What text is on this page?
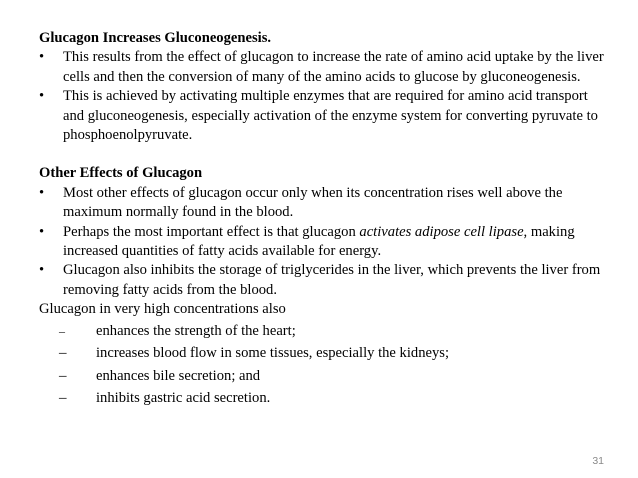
Glucagon Increases Gluconeogenesis.

• This results from the effect of glucagon to increase the rate of amino acid uptake by the liver cells and then the conversion of many of the amino acids to glucose by gluconeogenesis.
• This is achieved by activating multiple enzymes that are required for amino acid transport and gluconeogenesis, especially activation of the enzyme system for converting pyruvate to phosphoenolpyruvate.

Other Effects of Glucagon

• Most other effects of glucagon occur only when its concentration rises well above the maximum normally found in the blood.
• Perhaps the most important effect is that glucagon activates adipose cell lipase, making increased quantities of fatty acids available for energy.
• Glucagon also inhibits the storage of triglycerides in the liver, which prevents the liver from removing fatty acids from the blood.

Glucagon in very high concentrations also

– enhances the strength of the heart;
– increases blood flow in some tissues, especially the kidneys;
– enhances bile secretion; and
– inhibits gastric acid secretion.
31
